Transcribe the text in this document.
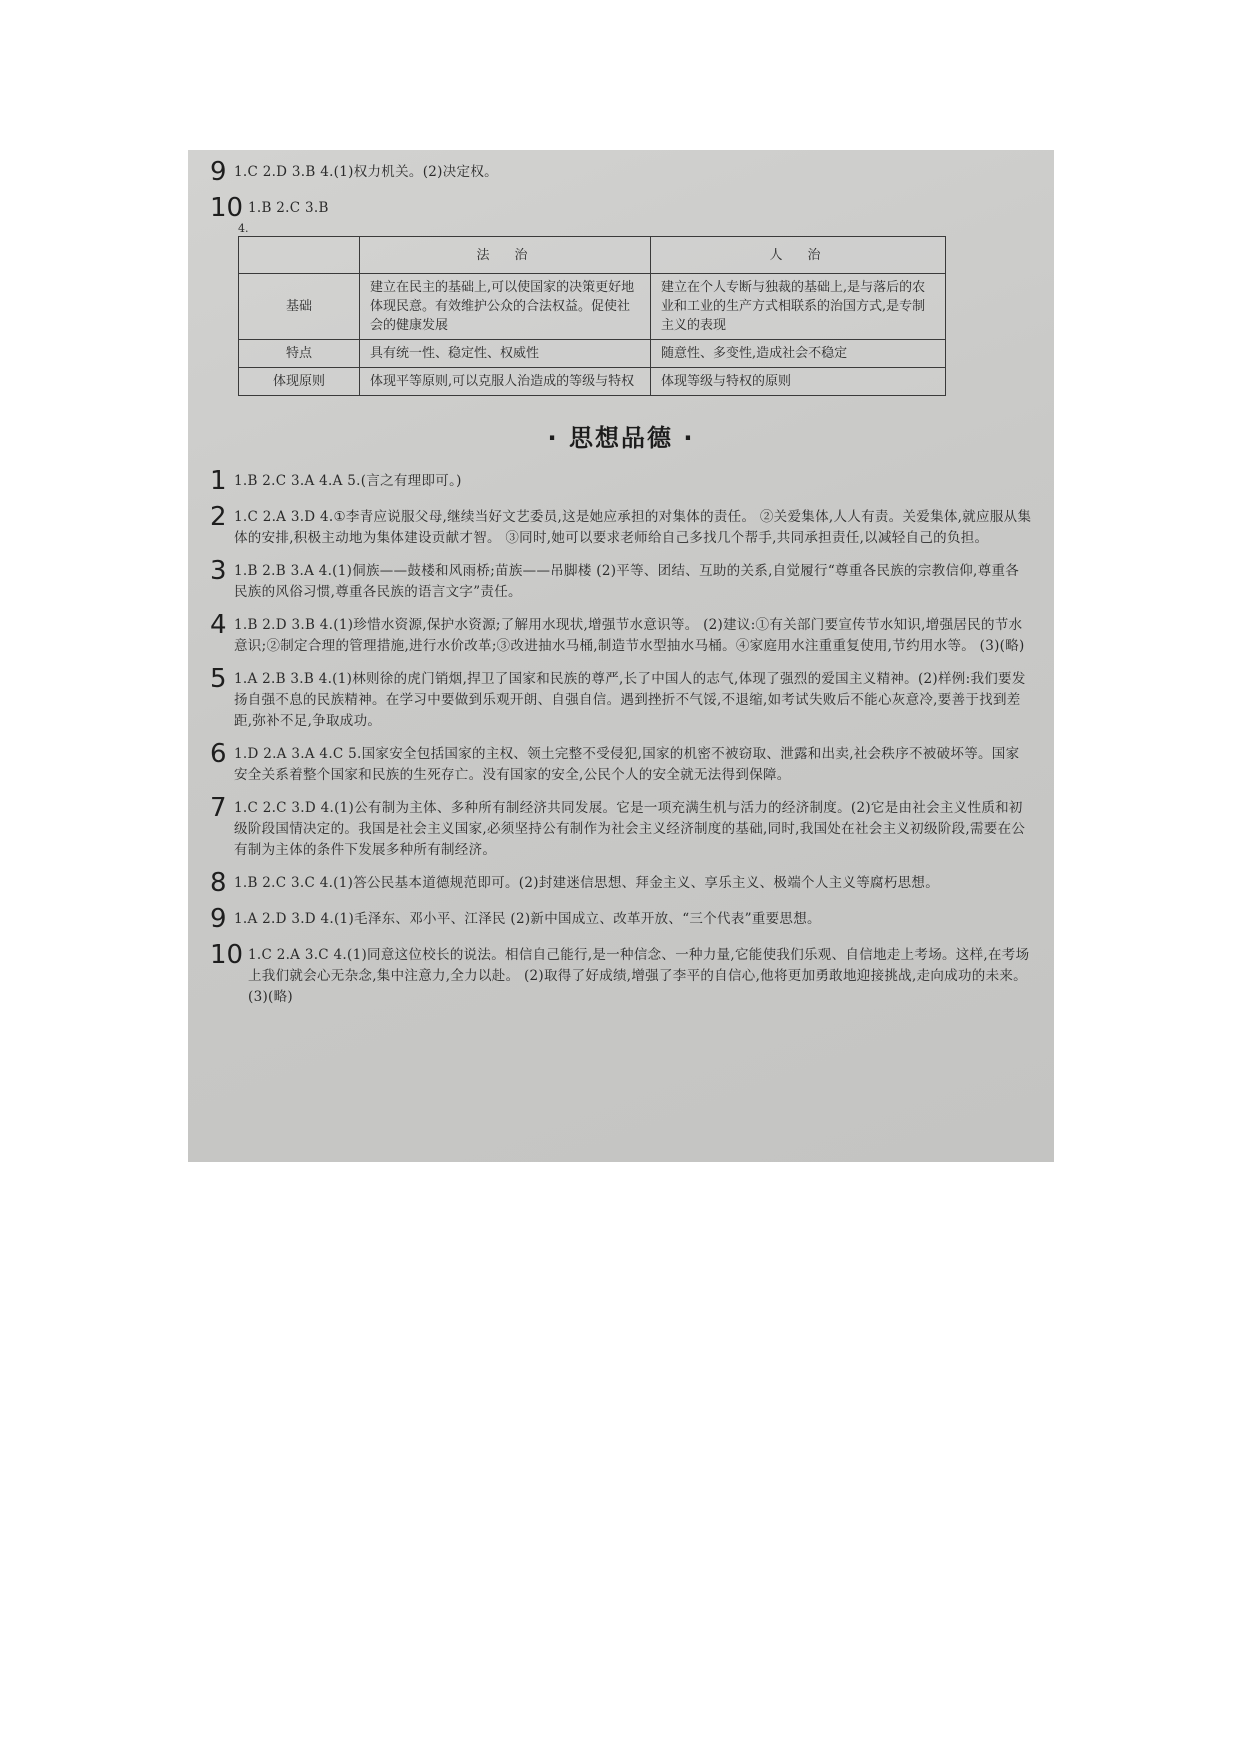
9 1.C 2.D 3.B 4.(1)权力机关。(2)决定权。
10 1.B 2.C 3.B
4.
	法　治	人　治
基础	建立在民主的基础上,可以使国家的决策更好地体现民意。有效维护公众的合法权益。促使社会的健康发展	建立在个人专断与独裁的基础上,是与落后的农业和工业的生产方式相联系的治国方式,是专制主义的表现
特点	具有统一性、稳定性、权威性	随意性、多变性,造成社会不稳定
体现原则	体现平等原则,可以克服人治造成的等级与特权	体现等级与特权的原则
· 思想品德 ·
1 1.B 2.C 3.A 4.A 5.(言之有理即可。)
2 1.C 2.A 3.D 4.①李青应说服父母,继续当好文艺委员,这是她应承担的对集体的责任。 ②关爱集体,人人有责。关爱集体,就应服从集体的安排,积极主动地为集体建设贡献才智。 ③同时,她可以要求老师给自己多找几个帮手,共同承担责任,以减轻自己的负担。
3 1.B 2.B 3.A 4.(1)侗族——鼓楼和风雨桥;苗族——吊脚楼 (2)平等、团结、互助的关系,自觉履行“尊重各民族的宗教信仰,尊重各民族的风俗习惯,尊重各民族的语言文字”责任。
4 1.B 2.D 3.B 4.(1)珍惜水资源,保护水资源;了解用水现状,增强节水意识等。 (2)建议:①有关部门要宣传节水知识,增强居民的节水意识;②制定合理的管理措施,进行水价改革;③改进抽水马桶,制造节水型抽水马桶。④家庭用水注重重复使用,节约用水等。 (3)(略)
5 1.A 2.B 3.B 4.(1)林则徐的虎门销烟,捍卫了国家和民族的尊严,长了中国人的志气,体现了强烈的爱国主义精神。(2)样例:我们要发扬自强不息的民族精神。在学习中要做到乐观开朗、自强自信。遇到挫折不气馁,不退缩,如考试失败后不能心灰意冷,要善于找到差距,弥补不足,争取成功。
6 1.D 2.A 3.A 4.C 5.国家安全包括国家的主权、领土完整不受侵犯,国家的机密不被窃取、泄露和出卖,社会秩序不被破坏等。国家安全关系着整个国家和民族的生死存亡。没有国家的安全,公民个人的安全就无法得到保障。
7 1.C 2.C 3.D 4.(1)公有制为主体、多种所有制经济共同发展。它是一项充满生机与活力的经济制度。(2)它是由社会主义性质和初级阶段国情决定的。我国是社会主义国家,必须坚持公有制作为社会主义经济制度的基础,同时,我国处在社会主义初级阶段,需要在公有制为主体的条件下发展多种所有制经济。
8 1.B 2.C 3.C 4.(1)答公民基本道德规范即可。(2)封建迷信思想、拜金主义、享乐主义、极端个人主义等腐朽思想。
9 1.A 2.D 3.D 4.(1)毛泽东、邓小平、江泽民 (2)新中国成立、改革开放、“三个代表”重要思想。
10 1.C 2.A 3.C 4.(1)同意这位校长的说法。相信自己能行,是一种信念、一种力量,它能使我们乐观、自信地走上考场。这样,在考场上我们就会心无杂念,集中注意力,全力以赴。 (2)取得了好成绩,增强了李平的自信心,他将更加勇敢地迎接挑战,走向成功的未来。 (3)(略)
